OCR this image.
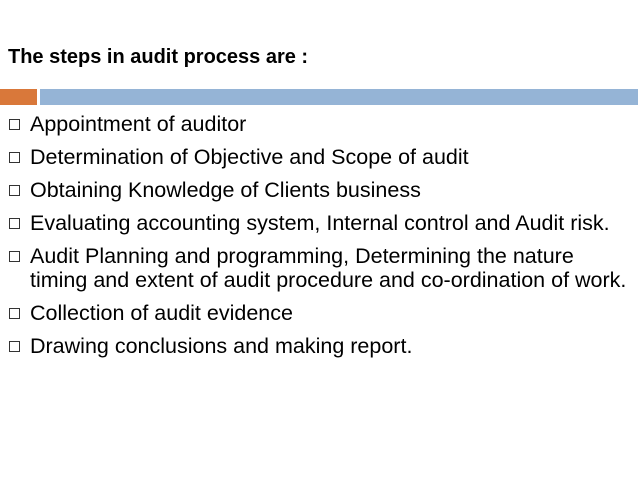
The steps in audit process are :
Appointment of auditor
Determination of Objective and Scope of audit
Obtaining Knowledge of Clients business
Evaluating accounting system, Internal control and Audit risk.
Audit Planning and programming, Determining the nature timing and extent of audit procedure and co-ordination of work.
Collection of audit evidence
Drawing conclusions and making report.
